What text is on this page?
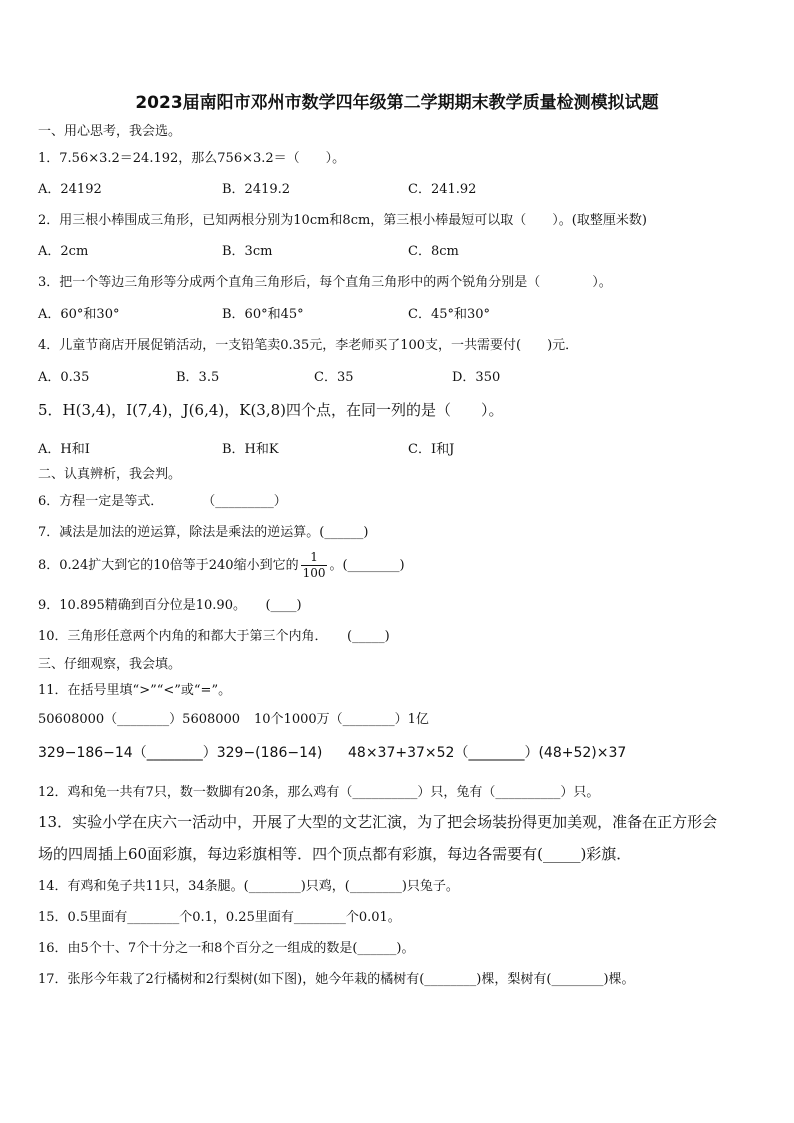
2023届南阳市邓州市数学四年级第二学期期末教学质量检测模拟试题
一、用心思考，我会选。
1．7.56×3.2＝24.192，那么756×3.2＝（　　）。
A．24192	B．2419.2	C．241.92
2．用三根小棒围成三角形，已知两根分别为10cm和8cm，第三根小棒最短可以取（　　）。(取整厘米数)
A．2cm	B．3cm	C．8cm
3．把一个等边三角形等分成两个直角三角形后，每个直角三角形中的两个锐角分别是（　　　　）。
A．60°和30°	B．60°和45°	C．45°和30°
4．儿童节商店开展促销活动，一支铅笔卖0.35元，李老师买了100支，一共需要付(　　)元．
A．0.35	B．3.5	C．35	D．350
5．H(3,4)，I(7,4)，J(6,4)，K(3,8)四个点，在同一列的是（　　）。
A．H和I	B．H和K	C．I和J
二、认真辨析，我会判。
6．方程一定是等式．　　　　（_________）
7．减法是加法的逆运算，除法是乘法的逆运算。(______)
8．0.24扩大到它的10倍等于240缩小到它的 $\frac{1}{100}$ 。(________)
9．10.895精确到百分位是10.90。　　(____)
10．三角形任意两个内角的和都大于第三个内角．　　(_____)
三、仔细观察，我会填。
11．在括号里填“>”“<”或“=”。
50608000（________）5608000 10个1000万（________）1亿
329−186−14（________）329−(186−14) 48×37+37×52（________）(48+52)×37
12．鸡和兔一共有7只，数一数脚有20条，那么鸡有（__________）只，兔有（__________）只。
13．实验小学在庆六一活动中，开展了大型的文艺汇演，为了把会场装扮得更加美观，准备在正方形会
场的四周插上60面彩旗，每边彩旗相等．四个顶点都有彩旗，每边各需要有(_____)彩旗．
14．有鸡和兔子共11只，34条腿。(________)只鸡，(________)只兔子。
15．0.5里面有________个0.1，0.25里面有________个0.01。
16．由5个十、7个十分之一和8个百分之一组成的数是(______)。
17．张彤今年栽了2行橘树和2行梨树(如下图)，她今年栽的橘树有(________)棵，梨树有(________)棵。
